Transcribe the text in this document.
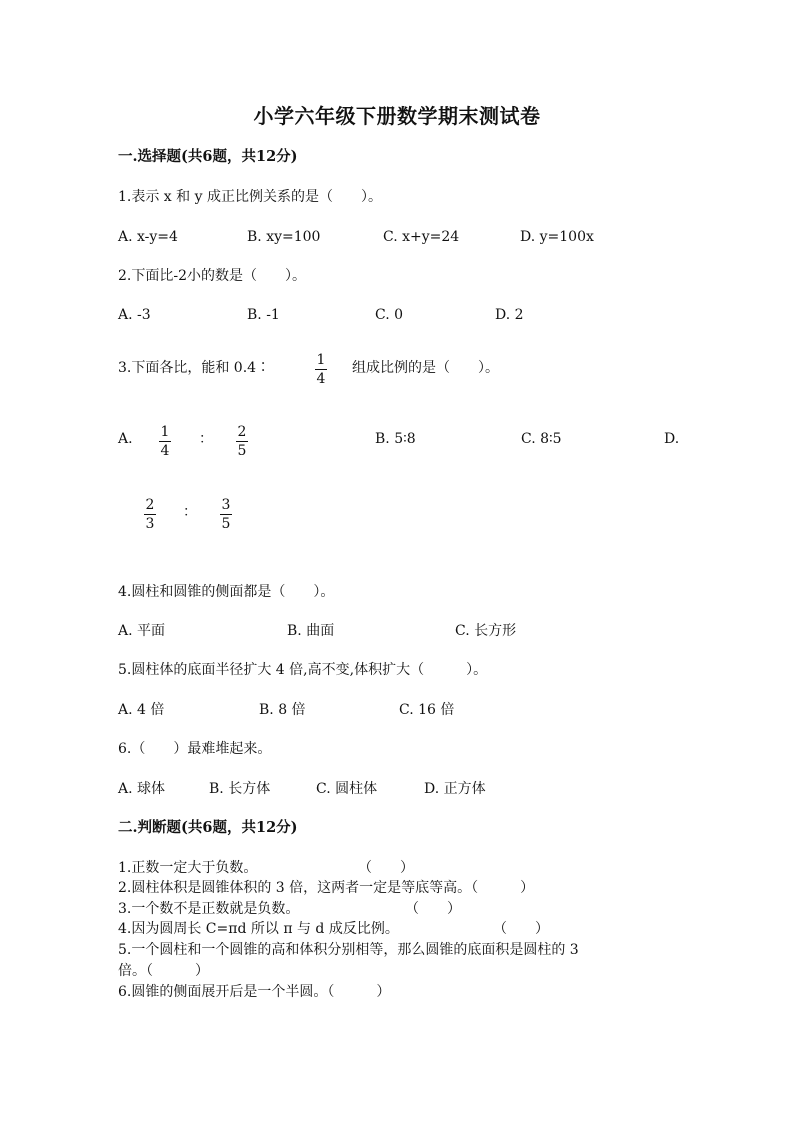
小学六年级下册数学期末测试卷
一.选择题(共6题，共12分)
1.表示 x 和 y 成正比例关系的是（　　）。
A. x-y=4	B. xy=100	C. x+y=24	D. y=100x
2.下面比-2小的数是（　　）。
A. -3	B. -1	C. 0	D. 2
3.下面各比，能和 0.4∶	1
4
组成比例的是（　　）。
A. 1
4
： 2
5
B. 5∶8	C. 8∶5	D.
2
3
： 3
5
4.圆柱和圆锥的侧面都是（　　）。
A. 平面	B. 曲面	C. 长方形
5.圆柱体的底面半径扩大 4 倍,高不变,体积扩大（　　　）。
A. 4 倍	B. 8 倍	C. 16 倍
6.（　　）最难堆起来。
A. 球体	B. 长方体	C. 圆柱体	D. 正方体
二.判断题(共6题，共12分)
1.正数一定大于负数。	（　　）
2.圆柱体积是圆锥体积的 3 倍，这两者一定是等底等高。（　　　）
3.一个数不是正数就是负数。	（　　）
4.因为圆周长 C=πd 所以 π 与 d 成反比例。	（　　）
5.一个圆柱和一个圆锥的高和体积分别相等，那么圆锥的底面积是圆柱的 3
倍。（　　　）
6.圆锥的侧面展开后是一个半圆。（　　　）
